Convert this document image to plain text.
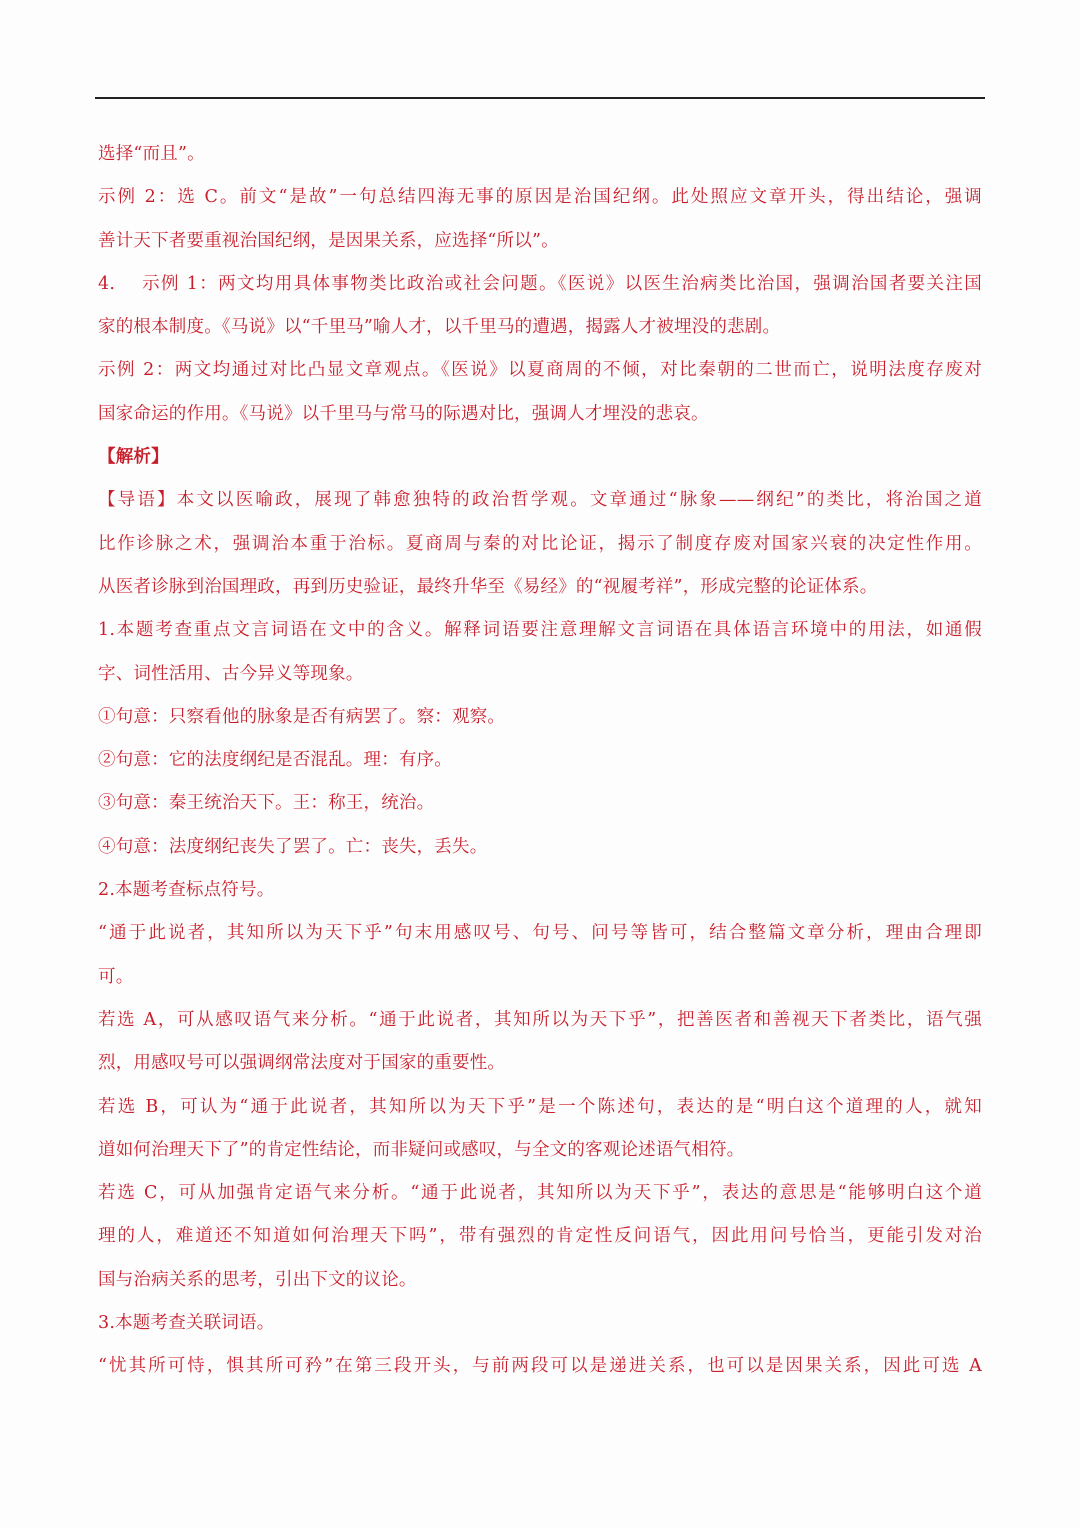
选择“而且”。
示例 2：选 C。前文“是故”一句总结四海无事的原因是治国纪纲。此处照应文章开头，得出结论，强调
善计天下者要重视治国纪纲，是因果关系，应选择“所以”。
4.　 示例 1：两文均用具体事物类比政治或社会问题。《医说》以医生治病类比治国，强调治国者要关注国
家的根本制度。《马说》以“千里马”喻人才，以千里马的遭遇，揭露人才被埋没的悲剧。
示例 2：两文均通过对比凸显文章观点。《医说》以夏商周的不倾，对比秦朝的二世而亡，说明法度存废对
国家命运的作用。《马说》以千里马与常马的际遇对比，强调人才埋没的悲哀。
【解析】
【导语】本文以医喻政，展现了韩愈独特的政治哲学观。文章通过“脉象——纲纪”的类比，将治国之道
比作诊脉之术，强调治本重于治标。夏商周与秦的对比论证，揭示了制度存废对国家兴衰的决定性作用。
从医者诊脉到治国理政，再到历史验证，最终升华至《易经》的“视履考祥”，形成完整的论证体系。
1.本题考查重点文言词语在文中的含义。解释词语要注意理解文言词语在具体语言环境中的用法，如通假
字、词性活用、古今异义等现象。
①句意：只察看他的脉象是否有病罢了。察：观察。
②句意：它的法度纲纪是否混乱。理：有序。
③句意：秦王统治天下。王：称王，统治。
④句意：法度纲纪丧失了罢了。亡：丧失，丢失。
2.本题考查标点符号。
“通于此说者，其知所以为天下乎”句末用感叹号、句号、问号等皆可，结合整篇文章分析，理由合理即
可。
若选 A，可从感叹语气来分析。“通于此说者，其知所以为天下乎”，把善医者和善视天下者类比，语气强
烈，用感叹号可以强调纲常法度对于国家的重要性。
若选 B，可认为“通于此说者，其知所以为天下乎”是一个陈述句，表达的是“明白这个道理的人，就知
道如何治理天下了”的肯定性结论，而非疑问或感叹，与全文的客观论述语气相符。
若选 C，可从加强肯定语气来分析。“通于此说者，其知所以为天下乎”，表达的意思是“能够明白这个道
理的人，难道还不知道如何治理天下吗”，带有强烈的肯定性反问语气，因此用问号恰当，更能引发对治
国与治病关系的思考，引出下文的议论。
3.本题考查关联词语。
“忧其所可恃，惧其所可矜”在第三段开头，与前两段可以是递进关系，也可以是因果关系，因此可选 A
